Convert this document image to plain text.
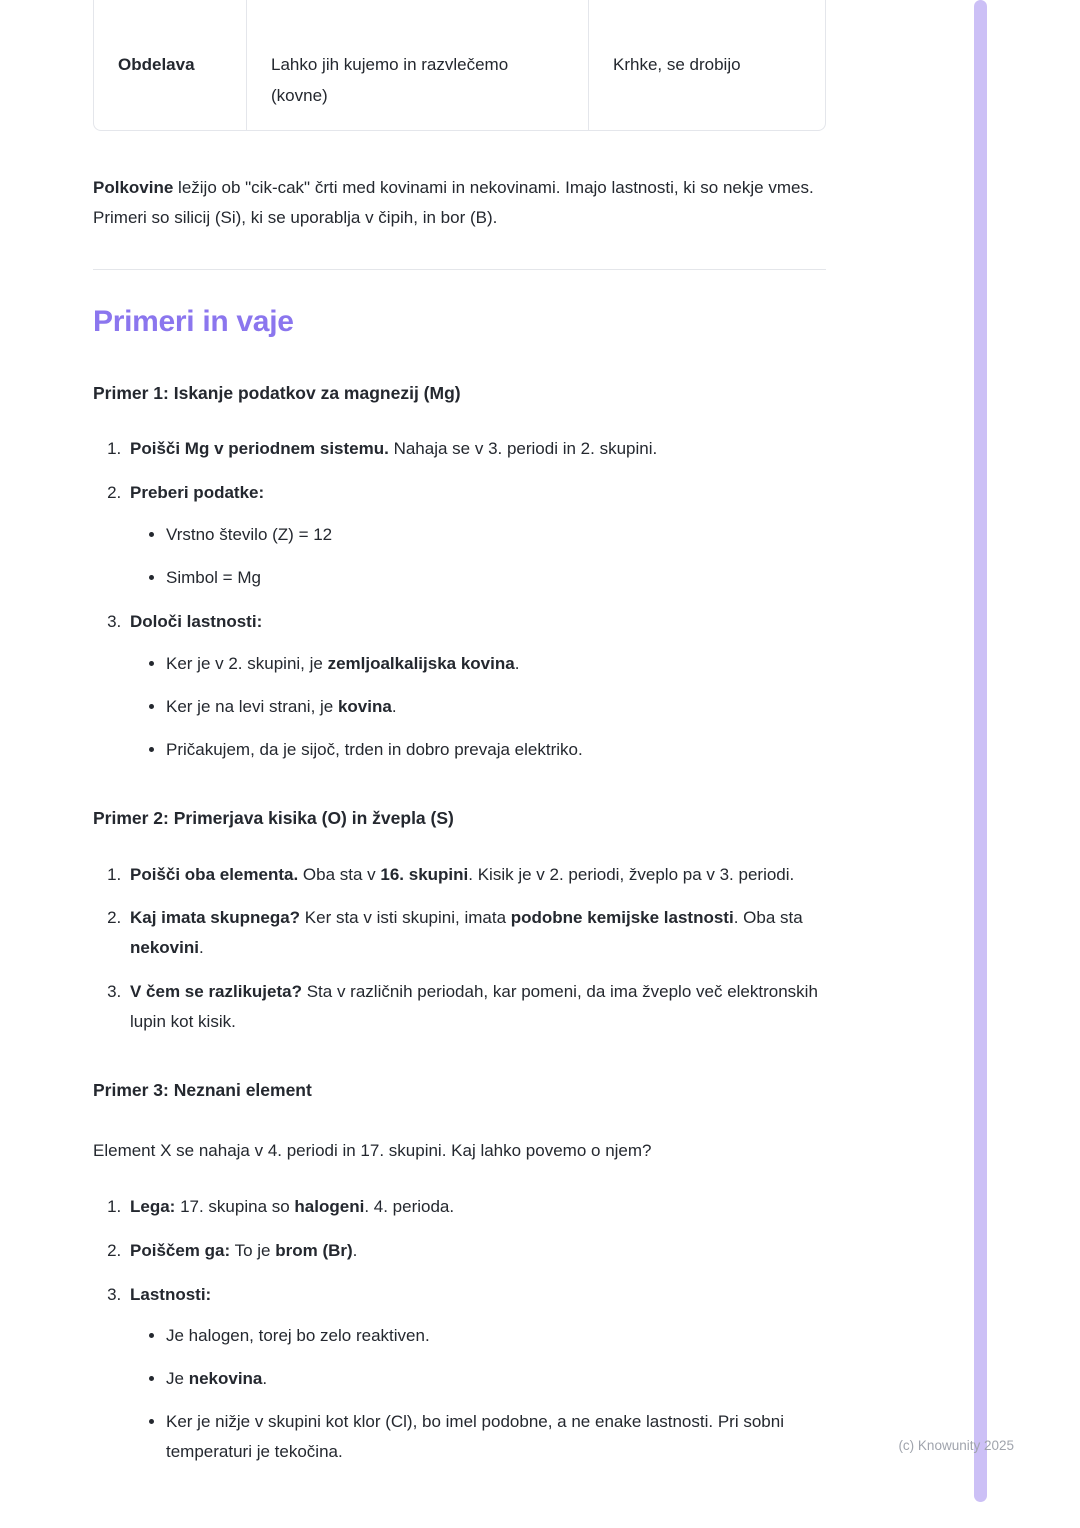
Obdelava	Lahko jih kujemo in razvlečemo (kovne)
Krhke, se drobijo

Polkovine ležijo ob "cik-cak" črti med kovinami in nekovinami. Imajo lastnosti, ki so nekje vmes. Primeri so silicij (Si), ki se uporablja v čipih, in bor (B).

Primeri in vaje
Primer 1: Iskanje podatkov za magnezij (Mg)
1. Poišči Mg v periodnem sistemu. Nahaja se v 3. periodi in 2. skupini.
2. Preberi podatke:
• Vrstno število (Z) = 12
• Simbol = Mg
3. Določi lastnosti:
• Ker je v 2. skupini, je zemljoalkalijska kovina.
• Ker je na levi strani, je kovina.
• Pričakujem, da je sijoč, trden in dobro prevaja elektriko.
Primer 2: Primerjava kisika (O) in žvepla (S)
1. Poišči oba elementa. Oba sta v 16. skupini. Kisik je v 2. periodi, žveplo pa v 3. periodi.
2. Kaj imata skupnega? Ker sta v isti skupini, imata podobne kemijske lastnosti. Oba sta nekovini.
3. V čem se razlikujeta? Sta v različnih periodah, kar pomeni, da ima žveplo več elektronskih lupin kot kisik.
Primer 3: Neznani element

Element X se nahaja v 4. periodi in 17. skupini. Kaj lahko povemo o njem?

1. Lega: 17. skupina so halogeni. 4. perioda.
2. Poiščem ga: To je brom (Br).
3. Lastnosti:
• Je halogen, torej bo zelo reaktiven.
• Je nekovina.
• Ker je nižje v skupini kot klor (Cl), bo imel podobne, a ne enake lastnosti. Pri sobni temperaturi je tekočina.	(c) Knowunity 2025
